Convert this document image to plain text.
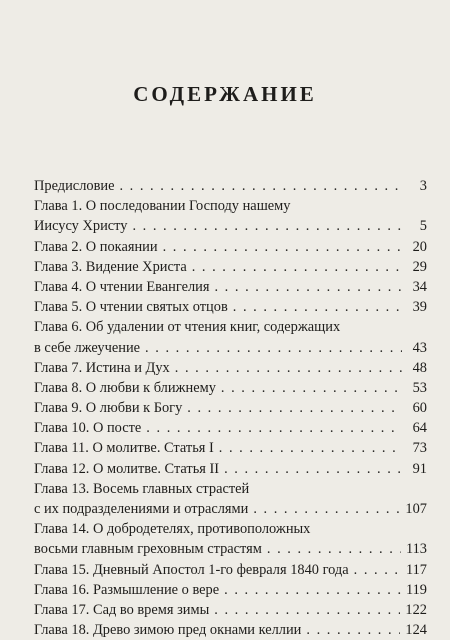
СОДЕРЖАНИЕ
Предисловие . . .	3
Глава 1. О последовании Господу нашему
Иисусу Христу . . .	5
Глава 2. О покаянии . . .	20
Глава 3. Видение Христа . . .	29
Глава 4. О чтении Евангелия . . .	34
Глава 5. О чтении святых отцов . . .	39
Глава 6. Об удалении от чтения книг, содержащих
в себе лжеучение . . .	43
Глава 7. Истина и Дух . . .	48
Глава 8. О любви к ближнему . . .	53
Глава 9. О любви к Богу . . .	60
Глава 10. О посте . . .	64
Глава 11. О молитве. Статья I . . .	73
Глава 12. О молитве. Статья II . . .	91
Глава 13. Восемь главных страстей
с их подразделениями и отраслями . . .	107
Глава 14. О добродетелях, противоположных
восьми главным греховным страстям . . .	113
Глава 15. Дневный Апостол 1-го февраля 1840 года . . .	117
Глава 16. Размышление о вере . . .	119
Глава 17. Сад во время зимы . . .	122
Глава 18. Древо зимою пред окнами келлии . . .	124
